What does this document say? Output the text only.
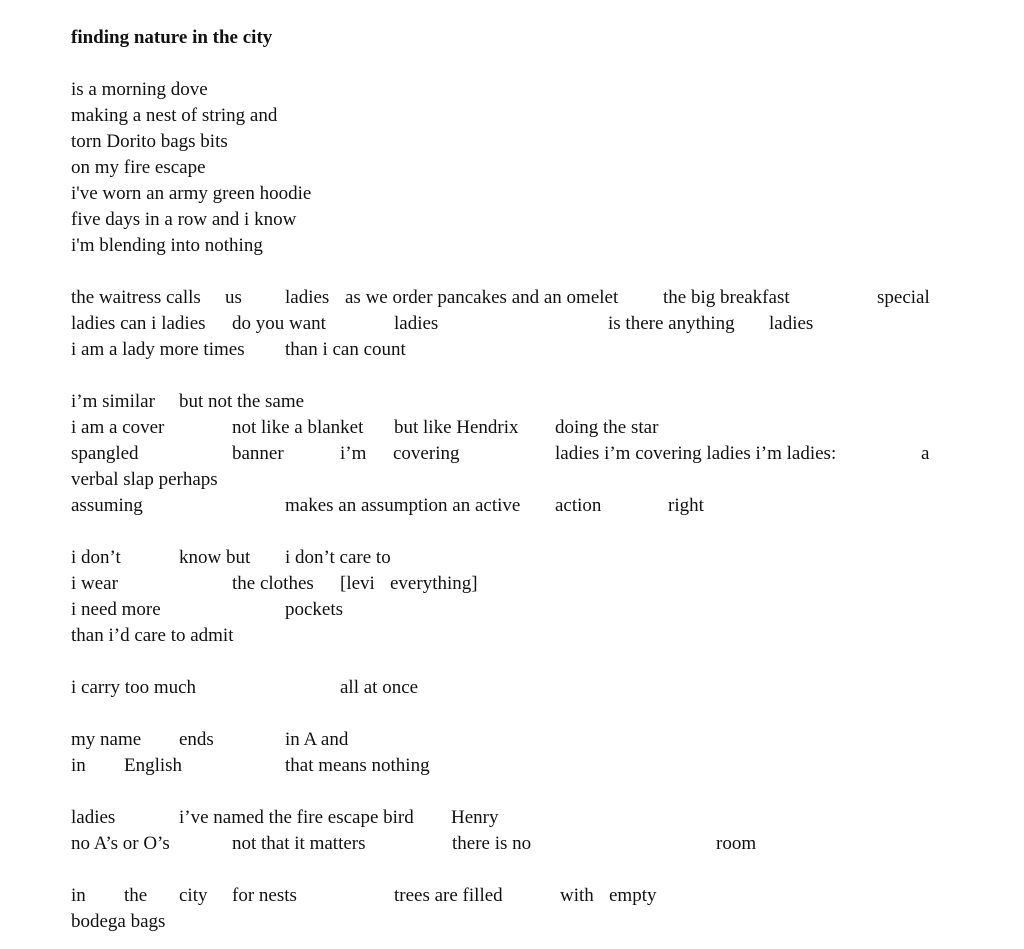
finding nature in the city
is a morning dove
making a nest of string and
torn Dorito bags bits
on my fire escape
i've worn an army green hoodie
five days in a row and i know
i'm blending into nothing
the waitress calls us ladies as we order pancakes and an omelet the big breakfast	special
ladies can i ladies do you want	ladies	is there anything ladies
i am a lady more times than i can count
i’m similar but not the same
i am a cover	not like a blanket but like Hendrix doing the star
spangled	banner	i’m covering	ladies i’m covering ladies i’m ladies:	a
verbal slap perhaps
assuming	makes an assumption an active action	right
i don’t	know but i don’t care to
i wear	the clothes [levi everything]
i need more	pockets
than i’d care to admit
i carry too much	all at once
my name ends	in A and
in English	that means nothing
ladies	i’ve named the fire escape bird Henry
no A’s or O’s	not that it matters	there is no	room
in the city for nests	trees are filled	with empty
bodega bags
